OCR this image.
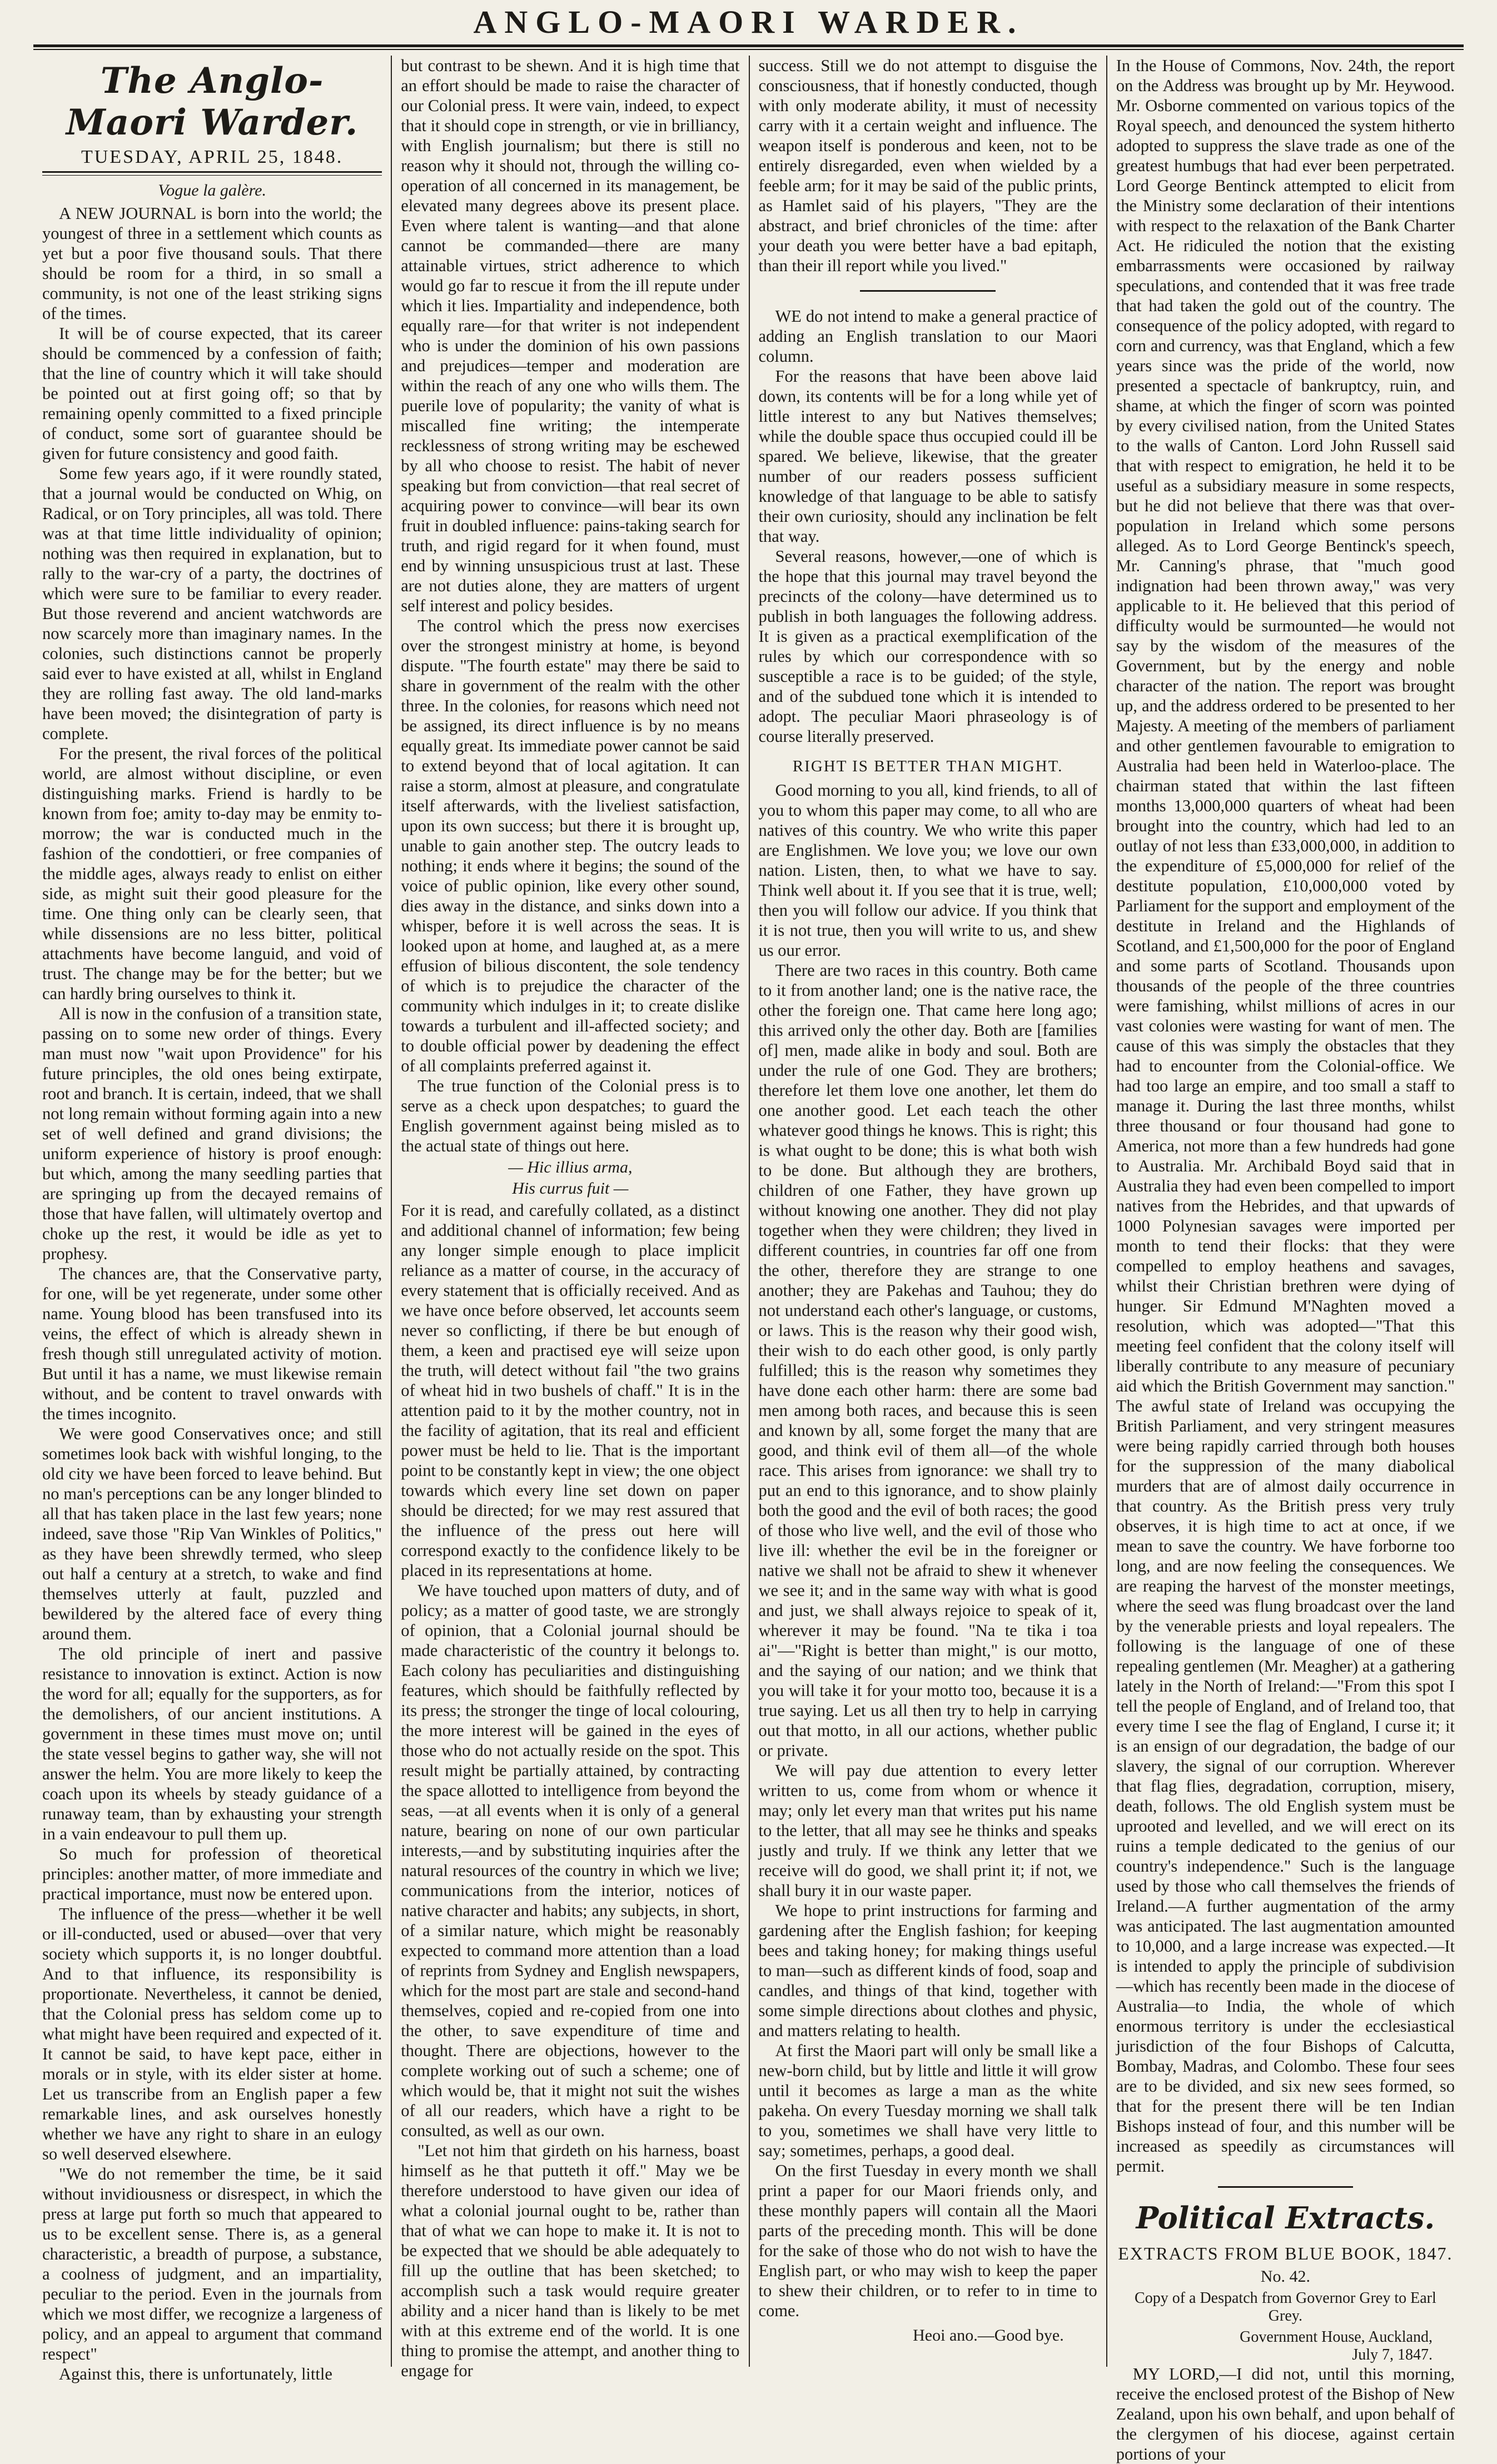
ANGLO-MAORI WARDER.
The Anglo-Maori Warder.
TUESDAY, APRIL 25, 1848.
Vogue la galère.

A NEW JOURNAL is born into the world; the youngest of three in a settlement which counts as yet but a poor five thousand souls. That there should be room for a third, in so small a community, is not one of the least striking signs of the times.

It will be of course expected, that its career should be commenced by a confession of faith; that the line of country which it will take should be pointed out at first going off; so that by remaining openly committed to a fixed principle of conduct, some sort of guarantee should be given for future consistency and good faith.

Some few years ago, if it were roundly stated, that a journal would be conducted on Whig, on Radical, or on Tory principles, all was told. There was at that time little individuality of opinion; nothing was then required in explanation, but to rally to the war-cry of a party, the doctrines of which were sure to be familiar to every reader. But those reverend and ancient watchwords are now scarcely more than imaginary names. In the colonies, such distinctions cannot be properly said ever to have existed at all, whilst in England they are rolling fast away. The old land-marks have been moved; the disintegration of party is complete.

For the present, the rival forces of the political world, are almost without discipline, or even distinguishing marks. Friend is hardly to be known from foe; amity to-day may be enmity to-morrow; the war is conducted much in the fashion of the condottieri, or free companies of the middle ages, always ready to enlist on either side, as might suit their good pleasure for the time. One thing only can be clearly seen, that while dissensions are no less bitter, political attachments have become languid, and void of trust. The change may be for the better; but we can hardly bring ourselves to think it.

All is now in the confusion of a transition state, passing on to some new order of things. Every man must now "wait upon Providence" for his future principles, the old ones being extirpate, root and branch. It is certain, indeed, that we shall not long remain without forming again into a new set of well defined and grand divisions; the uniform experience of history is proof enough: but which, among the many seedling parties that are springing up from the decayed remains of those that have fallen, will ultimately overtop and choke up the rest, it would be idle as yet to prophesy.

The chances are, that the Conservative party, for one, will be yet regenerate, under some other name. Young blood has been transfused into its veins, the effect of which is already shewn in fresh though still unregulated activity of motion. But until it has a name, we must likewise remain without, and be content to travel onwards with the times incognito.

We were good Conservatives once; and still sometimes look back with wishful longing, to the old city we have been forced to leave behind. But no man's perceptions can be any longer blinded to all that has taken place in the last few years; none indeed, save those "Rip Van Winkles of Politics," as they have been shrewdly termed, who sleep out half a century at a stretch, to wake and find themselves utterly at fault, puzzled and bewildered by the altered face of every thing around them.

The old principle of inert and passive resistance to innovation is extinct. Action is now the word for all; equally for the supporters, as for the demolishers, of our ancient institutions. A government in these times must move on; until the state vessel begins to gather way, she will not answer the helm. You are more likely to keep the coach upon its wheels by steady guidance of a runaway team, than by exhausting your strength in a vain endeavour to pull them up.

So much for profession of theoretical principles: another matter, of more immediate and practical importance, must now be entered upon.

The influence of the press—whether it be well or ill-conducted, used or abused—over that very society which supports it, is no longer doubtful. And to that influence, its responsibility is proportionate. Nevertheless, it cannot be denied, that the Colonial press has seldom come up to what might have been required and expected of it. It cannot be said, to have kept pace, either in morals or in style, with its elder sister at home. Let us transcribe from an English paper a few remarkable lines, and ask ourselves honestly whether we have any right to share in an eulogy so well deserved elsewhere.

"We do not remember the time, be it said without invidiousness or disrespect, in which the press at large put forth so much that appeared to us to be excellent sense. There is, as a general characteristic, a breadth of purpose, a substance, a coolness of judgment, and an impartiality, peculiar to the period. Even in the journals from which we most differ, we recognize a largeness of policy, and an appeal to argument that command respect"

Against this, there is unfortunately, little

but contrast to be shewn. And it is high time that an effort should be made to raise the character of our Colonial press. It were vain, indeed, to expect that it should cope in strength, or vie in brilliancy, with English journalism; but there is still no reason why it should not, through the willing co-operation of all concerned in its management, be elevated many degrees above its present place. Even where talent is wanting—and that alone cannot be commanded—there are many attainable virtues, strict adherence to which would go far to rescue it from the ill repute under which it lies. Impartiality and independence, both equally rare—for that writer is not independent who is under the dominion of his own passions and prejudices—temper and moderation are within the reach of any one who wills them. The puerile love of popularity; the vanity of what is miscalled fine writing; the intemperate recklessness of strong writing may be eschewed by all who choose to resist. The habit of never speaking but from conviction—that real secret of acquiring power to convince—will bear its own fruit in doubled influence: pains-taking search for truth, and rigid regard for it when found, must end by winning unsuspicious trust at last. These are not duties alone, they are matters of urgent self interest and policy besides.

The control which the press now exercises over the strongest ministry at home, is beyond dispute. "The fourth estate" may there be said to share in government of the realm with the other three. In the colonies, for reasons which need not be assigned, its direct influence is by no means equally great. Its immediate power cannot be said to extend beyond that of local agitation. It can raise a storm, almost at pleasure, and congratulate itself afterwards, with the liveliest satisfaction, upon its own success; but there it is brought up, unable to gain another step. The outcry leads to nothing; it ends where it begins; the sound of the voice of public opinion, like every other sound, dies away in the distance, and sinks down into a whisper, before it is well across the seas. It is looked upon at home, and laughed at, as a mere effusion of bilious discontent, the sole tendency of which is to prejudice the character of the community which indulges in it; to create dislike towards a turbulent and ill-affected society; and to double official power by deadening the effect of all complaints preferred against it.

The true function of the Colonial press is to serve as a check upon despatches; to guard the English government against being misled as to the actual state of things out here.

— Hic illius arma,
His currus fuit —

For it is read, and carefully collated, as a distinct and additional channel of information; few being any longer simple enough to place implicit reliance as a matter of course, in the accuracy of every statement that is officially received. And as we have once before observed, let accounts seem never so conflicting, if there be but enough of them, a keen and practised eye will seize upon the truth, will detect without fail "the two grains of wheat hid in two bushels of chaff." It is in the attention paid to it by the mother country, not in the facility of agitation, that its real and efficient power must be held to lie. That is the important point to be constantly kept in view; the one object towards which every line set down on paper should be directed; for we may rest assured that the influence of the press out here will correspond exactly to the confidence likely to be placed in its representations at home.

We have touched upon matters of duty, and of policy; as a matter of good taste, we are strongly of opinion, that a Colonial journal should be made characteristic of the country it belongs to. Each colony has peculiarities and distinguishing features, which should be faithfully reflected by its press; the stronger the tinge of local colouring, the more interest will be gained in the eyes of those who do not actually reside on the spot. This result might be partially attained, by contracting the space allotted to intelligence from beyond the seas, —at all events when it is only of a general nature, bearing on none of our own particular interests,—and by substituting inquiries after the natural resources of the country in which we live; communications from the interior, notices of native character and habits; any subjects, in short, of a similar nature, which might be reasonably expected to command more attention than a load of reprints from Sydney and English newspapers, which for the most part are stale and second-hand themselves, copied and re-copied from one into the other, to save expenditure of time and thought. There are objections, however to the complete working out of such a scheme; one of which would be, that it might not suit the wishes of all our readers, which have a right to be consulted, as well as our own.

"Let not him that girdeth on his harness, boast himself as he that putteth it off." May we be therefore understood to have given our idea of what a colonial journal ought to be, rather than that of what we can hope to make it. It is not to be expected that we should be able adequately to fill up the outline that has been sketched; to accomplish such a task would require greater ability and a nicer hand than is likely to be met with at this extreme end of the world. It is one thing to promise the attempt, and another thing to engage for

success. Still we do not attempt to disguise the consciousness, that if honestly conducted, though with only moderate ability, it must of necessity carry with it a certain weight and influence. The weapon itself is ponderous and keen, not to be entirely disregarded, even when wielded by a feeble arm; for it may be said of the public prints, as Hamlet said of his players, "They are the abstract, and brief chronicles of the time: after your death you were better have a bad epitaph, than their ill report while you lived."

WE do not intend to make a general practice of adding an English translation to our Maori column.

For the reasons that have been above laid down, its contents will be for a long while yet of little interest to any but Natives themselves; while the double space thus occupied could ill be spared. We believe, likewise, that the greater number of our readers possess sufficient knowledge of that language to be able to satisfy their own curiosity, should any inclination be felt that way.

Several reasons, however,—one of which is the hope that this journal may travel beyond the precincts of the colony—have determined us to publish in both languages the following address. It is given as a practical exemplification of the rules by which our correspondence with so susceptible a race is to be guided; of the style, and of the subdued tone which it is intended to adopt. The peculiar Maori phraseology is of course literally preserved.

RIGHT IS BETTER THAN MIGHT.

Good morning to you all, kind friends, to all of you to whom this paper may come, to all who are natives of this country. We who write this paper are Englishmen. We love you; we love our own nation. Listen, then, to what we have to say. Think well about it. If you see that it is true, well; then you will follow our advice. If you think that it is not true, then you will write to us, and shew us our error.

There are two races in this country. Both came to it from another land; one is the native race, the other the foreign one. That came here long ago; this arrived only the other day. Both are [families of] men, made alike in body and soul. Both are under the rule of one God. They are brothers; therefore let them love one another, let them do one another good. Let each teach the other whatever good things he knows. This is right; this is what ought to be done; this is what both wish to be done. But although they are brothers, children of one Father, they have grown up without knowing one another. They did not play together when they were children; they lived in different countries, in countries far off one from the other, therefore they are strange to one another; they are Pakehas and Tauhou; they do not understand each other's language, or customs, or laws. This is the reason why their good wish, their wish to do each other good, is only partly fulfilled; this is the reason why sometimes they have done each other harm: there are some bad men among both races, and because this is seen and known by all, some forget the many that are good, and think evil of them all—of the whole race. This arises from ignorance: we shall try to put an end to this ignorance, and to show plainly both the good and the evil of both races; the good of those who live well, and the evil of those who live ill: whether the evil be in the foreigner or native we shall not be afraid to shew it whenever we see it; and in the same way with what is good and just, we shall always rejoice to speak of it, wherever it may be found. "Na te tika i toa ai"—"Right is better than might," is our motto, and the saying of our nation; and we think that you will take it for your motto too, because it is a true saying. Let us all then try to help in carrying out that motto, in all our actions, whether public or private.

We will pay due attention to every letter written to us, come from whom or whence it may; only let every man that writes put his name to the letter, that all may see he thinks and speaks justly and truly. If we think any letter that we receive will do good, we shall print it; if not, we shall bury it in our waste paper.

We hope to print instructions for farming and gardening after the English fashion; for keeping bees and taking honey; for making things useful to man—such as different kinds of food, soap and candles, and things of that kind, together with some simple directions about clothes and physic, and matters relating to health.

At first the Maori part will only be small like a new-born child, but by little and little it will grow until it becomes as large a man as the white pakeha. On every Tuesday morning we shall talk to you, sometimes we shall have very little to say; sometimes, perhaps, a good deal.

On the first Tuesday in every month we shall print a paper for our Maori friends only, and these monthly papers will contain all the Maori parts of the preceding month. This will be done for the sake of those who do not wish to have the English part, or who may wish to keep the paper to shew their children, or to refer to in time to come.

Heoi ano.—Good bye.

In the House of Commons, Nov. 24th, the report on the Address was brought up by Mr. Heywood. Mr. Osborne commented on various topics of the Royal speech, and denounced the system hitherto adopted to suppress the slave trade as one of the greatest humbugs that had ever been perpetrated. Lord George Bentinck attempted to elicit from the Ministry some declaration of their intentions with respect to the relaxation of the Bank Charter Act. He ridiculed the notion that the existing embarrassments were occasioned by railway speculations, and contended that it was free trade that had taken the gold out of the country. The consequence of the policy adopted, with regard to corn and currency, was that England, which a few years since was the pride of the world, now presented a spectacle of bankruptcy, ruin, and shame, at which the finger of scorn was pointed by every civilised nation, from the United States to the walls of Canton. Lord John Russell said that with respect to emigration, he held it to be useful as a subsidiary measure in some respects, but he did not believe that there was that over-population in Ireland which some persons alleged. As to Lord George Bentinck's speech, Mr. Canning's phrase, that "much good indignation had been thrown away," was very applicable to it. He believed that this period of difficulty would be surmounted—he would not say by the wisdom of the measures of the Government, but by the energy and noble character of the nation. The report was brought up, and the address ordered to be presented to her Majesty. A meeting of the members of parliament and other gentlemen favourable to emigration to Australia had been held in Waterloo-place. The chairman stated that within the last fifteen months 13,000,000 quarters of wheat had been brought into the country, which had led to an outlay of not less than £33,000,000, in addition to the expenditure of £5,000,000 for relief of the destitute population, £10,000,000 voted by Parliament for the support and employment of the destitute in Ireland and the Highlands of Scotland, and £1,500,000 for the poor of England and some parts of Scotland. Thousands upon thousands of the people of the three countries were famishing, whilst millions of acres in our vast colonies were wasting for want of men. The cause of this was simply the obstacles that they had to encounter from the Colonial-office. We had too large an empire, and too small a staff to manage it. During the last three months, whilst three thousand or four thousand had gone to America, not more than a few hundreds had gone to Australia. Mr. Archibald Boyd said that in Australia they had even been compelled to import natives from the Hebrides, and that upwards of 1000 Polynesian savages were imported per month to tend their flocks: that they were compelled to employ heathens and savages, whilst their Christian brethren were dying of hunger. Sir Edmund M'Naghten moved a resolution, which was adopted—"That this meeting feel confident that the colony itself will liberally contribute to any measure of pecuniary aid which the British Government may sanction." The awful state of Ireland was occupying the British Parliament, and very stringent measures were being rapidly carried through both houses for the suppression of the many diabolical murders that are of almost daily occurrence in that country. As the British press very truly observes, it is high time to act at once, if we mean to save the country. We have forborne too long, and are now feeling the consequences. We are reaping the harvest of the monster meetings, where the seed was flung broadcast over the land by the venerable priests and loyal repealers. The following is the language of one of these repealing gentlemen (Mr. Meagher) at a gathering lately in the North of Ireland:—"From this spot I tell the people of England, and of Ireland too, that every time I see the flag of England, I curse it; it is an ensign of our degradation, the badge of our slavery, the signal of our corruption. Wherever that flag flies, degradation, corruption, misery, death, follows. The old English system must be uprooted and levelled, and we will erect on its ruins a temple dedicated to the genius of our country's independence." Such is the language used by those who call themselves the friends of Ireland.—A further augmentation of the army was anticipated. The last augmentation amounted to 10,000, and a large increase was expected.—It is intended to apply the principle of subdivision—which has recently been made in the diocese of Australia—to India, the whole of which enormous territory is under the ecclesiastical jurisdiction of the four Bishops of Calcutta, Bombay, Madras, and Colombo. These four sees are to be divided, and six new sees formed, so that for the present there will be ten Indian Bishops instead of four, and this number will be increased as speedily as circumstances will permit.

Political Extracts.
EXTRACTS FROM BLUE BOOK, 1847.
No. 42.
Copy of a Despatch from Governor Grey to Earl Grey.
Government House, Auckland,
July 7, 1847.

MY LORD,—I did not, until this morning, receive the enclosed protest of the Bishop of New Zealand, upon his own behalf, and upon behalf of the clergymen of his diocese, against certain portions of your
